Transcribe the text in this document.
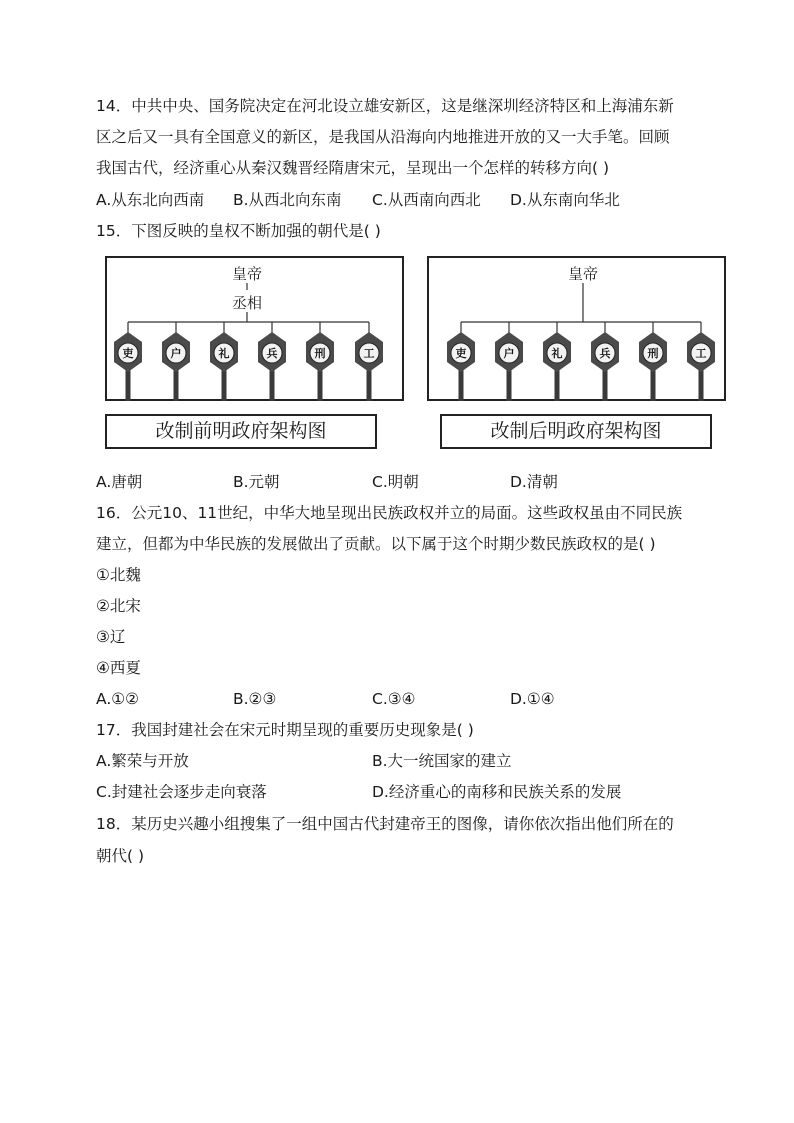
14．中共中央、国务院决定在河北设立雄安新区，这是继深圳经济特区和上海浦东新
区之后又一具有全国意义的新区，是我国从沿海向内地推进开放的又一大手笔。回顾
我国古代，经济重心从秦汉魏晋经隋唐宋元，呈现出一个怎样的转移方向( )
A.从东北向西南 B.从西北向东南 C.从西南向西北 D.从东南向华北
15．下图反映的皇权不断加强的朝代是( )
皇帝
丞相
吏	户	礼	兵	刑	工
改制前明政府架构图
皇帝
吏	户	礼	兵	刑	工
改制后明政府架构图
A.唐朝	B.元朝	C.明朝	D.清朝
16．公元10、11世纪，中华大地呈现出民族政权并立的局面。这些政权虽由不同民族
建立，但都为中华民族的发展做出了贡献。以下属于这个时期少数民族政权的是( )
①北魏
②北宋
③辽
④西夏
A.①②	B.②③	C.③④	D.①④
17．我国封建社会在宋元时期呈现的重要历史现象是( )
A.繁荣与开放	B.大一统国家的建立
C.封建社会逐步走向衰落	D.经济重心的南移和民族关系的发展
18．某历史兴趣小组搜集了一组中国古代封建帝王的图像，请你依次指出他们所在的
朝代( )
